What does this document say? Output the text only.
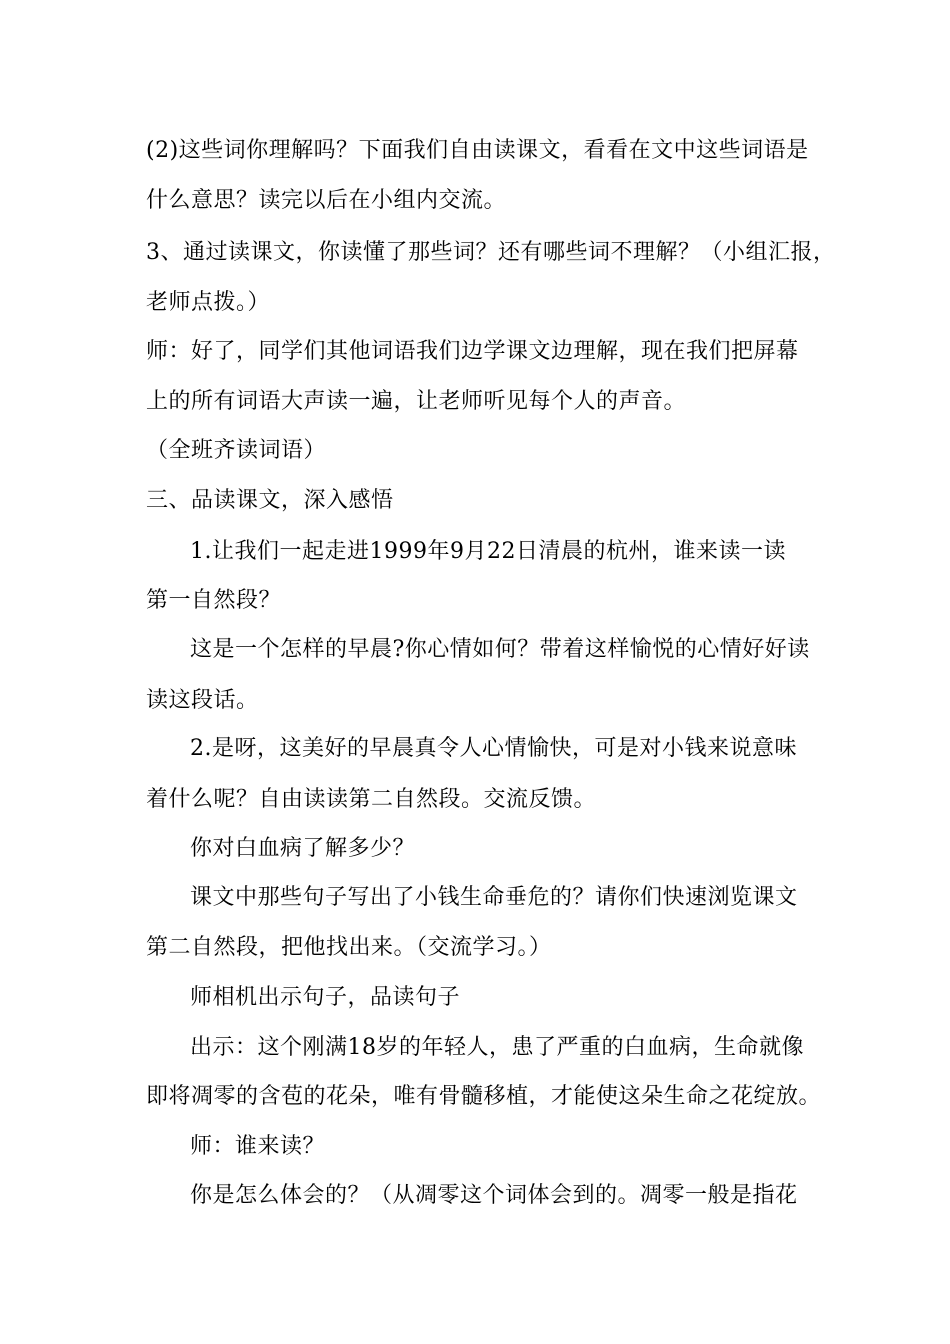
(2)这些词你理解吗？下面我们自由读课文，看看在文中这些词语是
什么意思？读完以后在小组内交流。
3、通过读课文，你读懂了那些词？还有哪些词不理解？（小组汇报，
老师点拨。）
师：好了，同学们其他词语我们边学课文边理解，现在我们把屏幕
上的所有词语大声读一遍，让老师听见每个人的声音。
（全班齐读词语）
三、品读课文，深入感悟
1.让我们一起走进1999年9月22日清晨的杭州，谁来读一读
第一自然段？
这是一个怎样的早晨?你心情如何？带着这样愉悦的心情好好读
读这段话。
2.是呀，这美好的早晨真令人心情愉快，可是对小钱来说意味
着什么呢？自由读读第二自然段。交流反馈。
你对白血病了解多少？
课文中那些句子写出了小钱生命垂危的？请你们快速浏览课文
第二自然段，把他找出来。（交流学习。）
师相机出示句子，品读句子
出示：这个刚满18岁的年轻人，患了严重的白血病，生命就像
即将凋零的含苞的花朵，唯有骨髓移植，才能使这朵生命之花绽放。
师：谁来读？
你是怎么体会的？（从凋零这个词体会到的。凋零一般是指花
